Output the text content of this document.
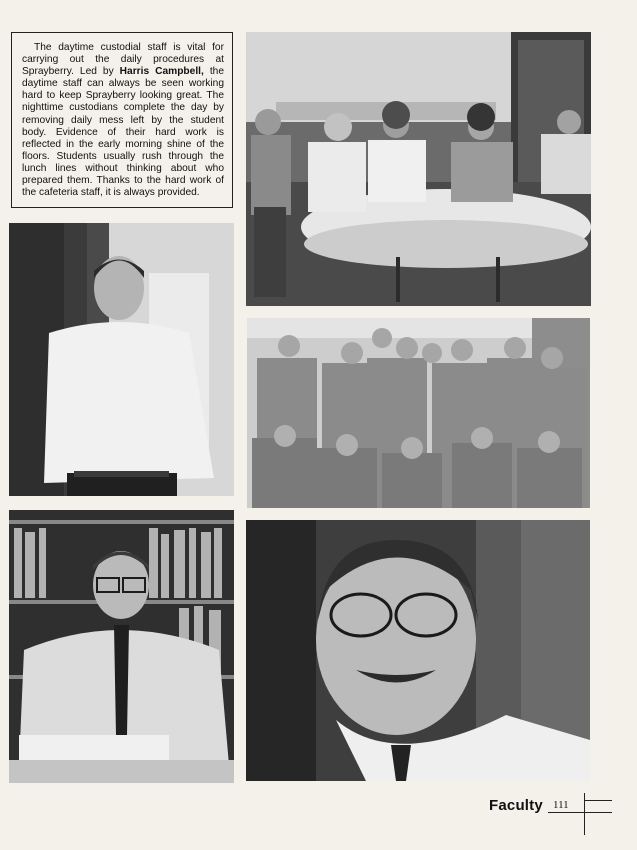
The daytime custodial staff is vital for carrying out the daily procedures at Sprayberry. Led by Harris Campbell, the daytime staff can always be seen working hard to keep Sprayberry looking great. The nighttime custodians complete the day by removing daily mess left by the student body. Evidence of their hard work is reflected in the early morning shine of the floors. Students usually rush through the lunch lines without thinking about who prepared them. Thanks to the hard work of the cafeteria staff, it is always provided.
Faculty 111
